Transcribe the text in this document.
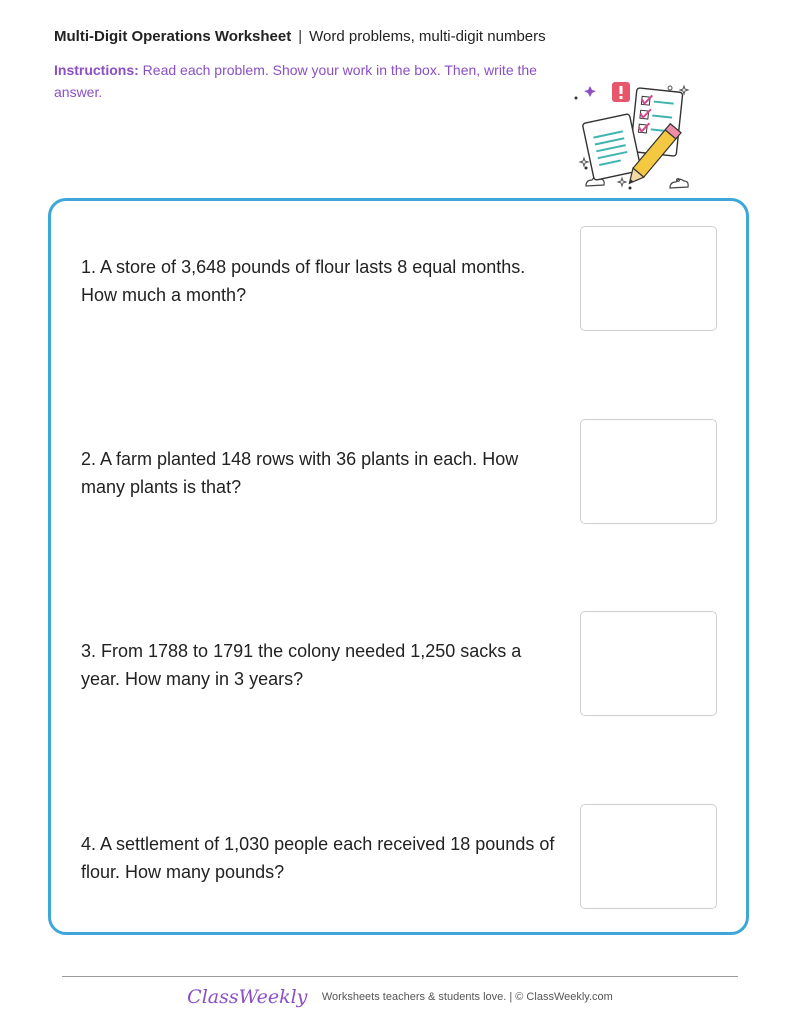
Multi-Digit Operations Worksheet | Word problems, multi-digit numbers
Instructions: Read each problem. Show your work in the box. Then, write the answer.
1. A store of 3,648 pounds of flour lasts 8 equal months. How much a month?
2. A farm planted 148 rows with 36 plants in each. How many plants is that?
3. From 1788 to 1791 the colony needed 1,250 sacks a year. How many in 3 years?
4. A settlement of 1,030 people each received 18 pounds of flour. How many pounds?
ClassWeekly Worksheets teachers & students love. | © ClassWeekly.com
